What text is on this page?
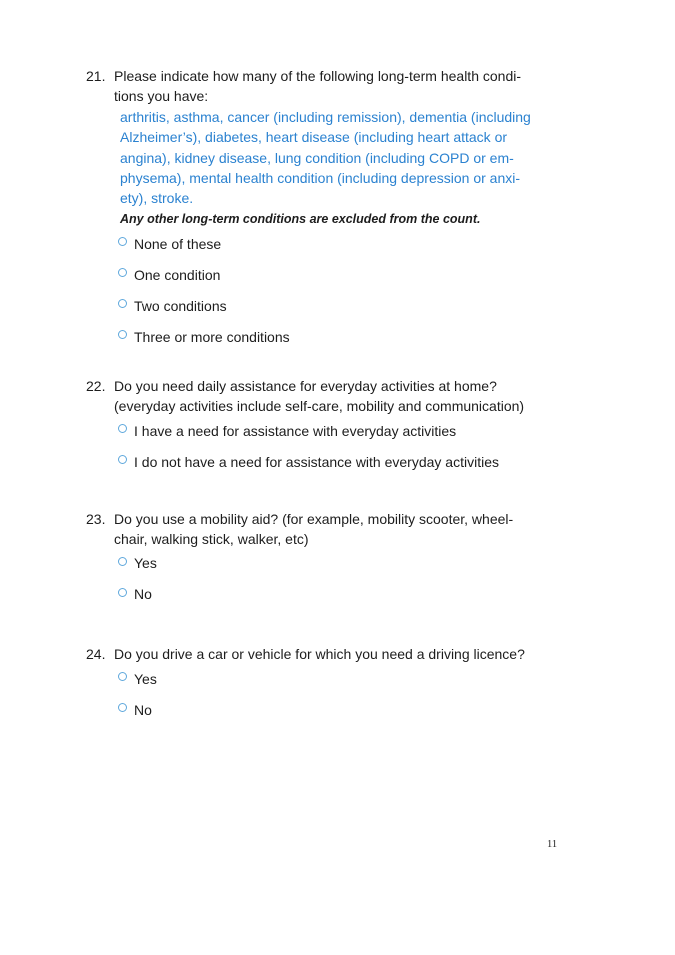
21. Please indicate how many of the following long-term health condi-
tions you have:
arthritis, asthma, cancer (including remission), dementia (including
Alzheimer’s), diabetes, heart disease (including heart attack or
angina), kidney disease, lung condition (including COPD or em-
physema), mental health condition (including depression or anxi-
ety), stroke.
Any other long-term conditions are excluded from the count.
None of these
One condition
Two conditions
Three or more conditions
22. Do you need daily assistance for everyday activities at home?
(everyday activities include self-care, mobility and communication)
I have a need for assistance with everyday activities
I do not have a need for assistance with everyday activities
23. Do you use a mobility aid? (for example, mobility scooter, wheel-
chair, walking stick, walker, etc)
Yes
No
24. Do you drive a car or vehicle for which you need a driving licence?
Yes
No
11
